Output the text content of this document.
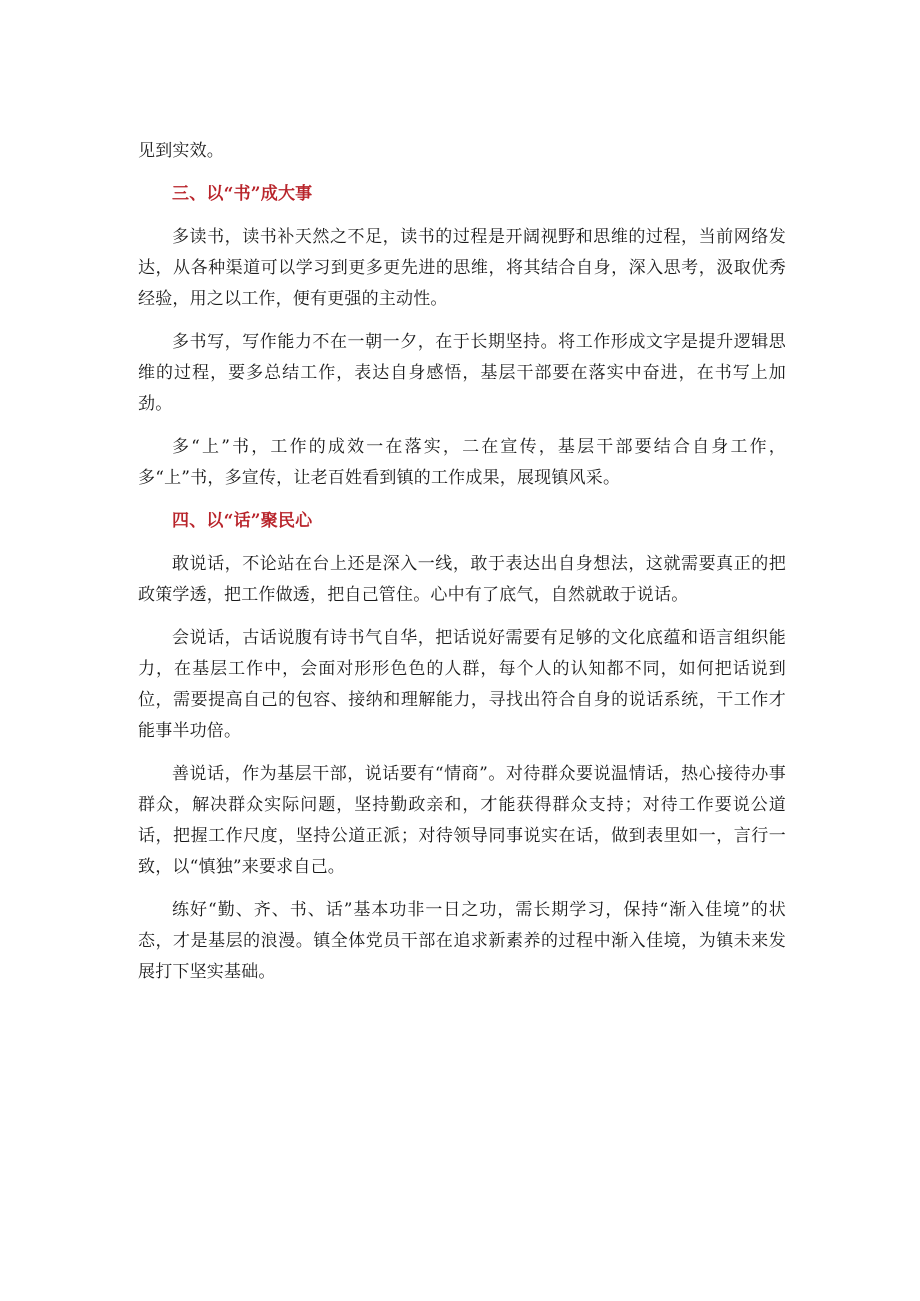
见到实效。

三、以“书”成大事

多读书，读书补天然之不足，读书的过程是开阔视野和思维的过程，当前网络发达，从各种渠道可以学习到更多更先进的思维，将其结合自身，深入思考，汲取优秀经验，用之以工作，便有更强的主动性。

多书写，写作能力不在一朝一夕，在于长期坚持。将工作形成文字是提升逻辑思维的过程，要多总结工作，表达自身感悟，基层干部要在落实中奋进，在书写上加劲。

多“上”书，工作的成效一在落实，二在宣传，基层干部要结合自身工作，多“上”书，多宣传，让老百姓看到镇的工作成果，展现镇风采。

四、以“话”聚民心

敢说话，不论站在台上还是深入一线，敢于表达出自身想法，这就需要真正的把政策学透，把工作做透，把自己管住。心中有了底气，自然就敢于说话。

会说话，古话说腹有诗书气自华，把话说好需要有足够的文化底蕴和语言组织能力，在基层工作中，会面对形形色色的人群，每个人的认知都不同，如何把话说到位，需要提高自己的包容、接纳和理解能力，寻找出符合自身的说话系统，干工作才能事半功倍。

善说话，作为基层干部，说话要有“情商”。对待群众要说温情话，热心接待办事群众，解决群众实际问题，坚持勤政亲和，才能获得群众支持；对待工作要说公道话，把握工作尺度，坚持公道正派；对待领导同事说实在话，做到表里如一，言行一致，以“慎独”来要求自己。

练好“勤、齐、书、话”基本功非一日之功，需长期学习，保持“渐入佳境”的状态，才是基层的浪漫。镇全体党员干部在追求新素养的过程中渐入佳境，为镇未来发展打下坚实基础。
